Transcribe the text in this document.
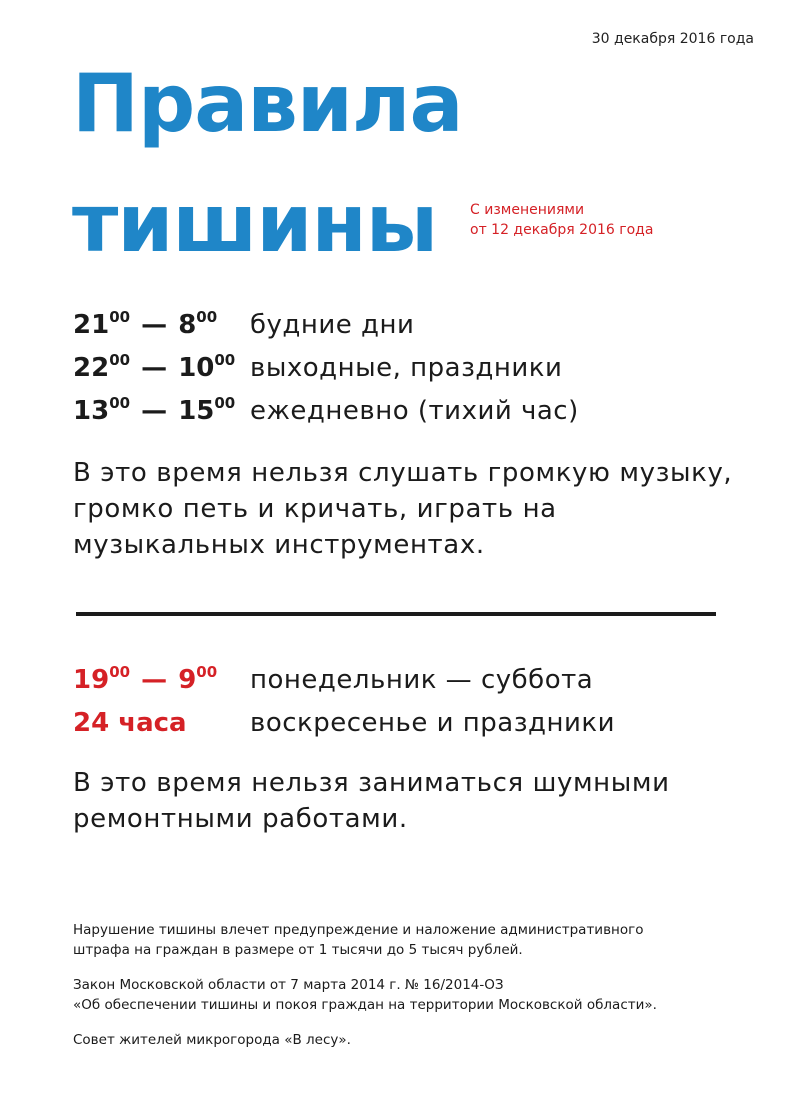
30 декабря 2016 года
Правила
тишины	С изменениями
от 12 декабря 2016 года
$21^{00}$ — $8^{00}$	будние дни
$22^{00}$ — $10^{00}$ выходные, праздники
$13^{00}$ — $15^{00}$ ежедневно (тихий час)

В это время нельзя слушать громкую музыку, громко петь и кричать, играть на музыкальных инструментах.

$19^{00}$ — $9^{00}$	понедельник — суббота
24 часа	воскресенье и праздники

В это время нельзя заниматься шумными ремонтными работами.

Нарушение тишины влечет предупреждение и наложение административного
штрафа на граждан в размере от 1 тысячи до 5 тысяч рублей.

Закон Московской области от 7 марта 2014 г. № 16/2014-ОЗ
«Об обеспечении тишины и покоя граждан на территории Московской области».

Совет жителей микрогорода «В лесу».
